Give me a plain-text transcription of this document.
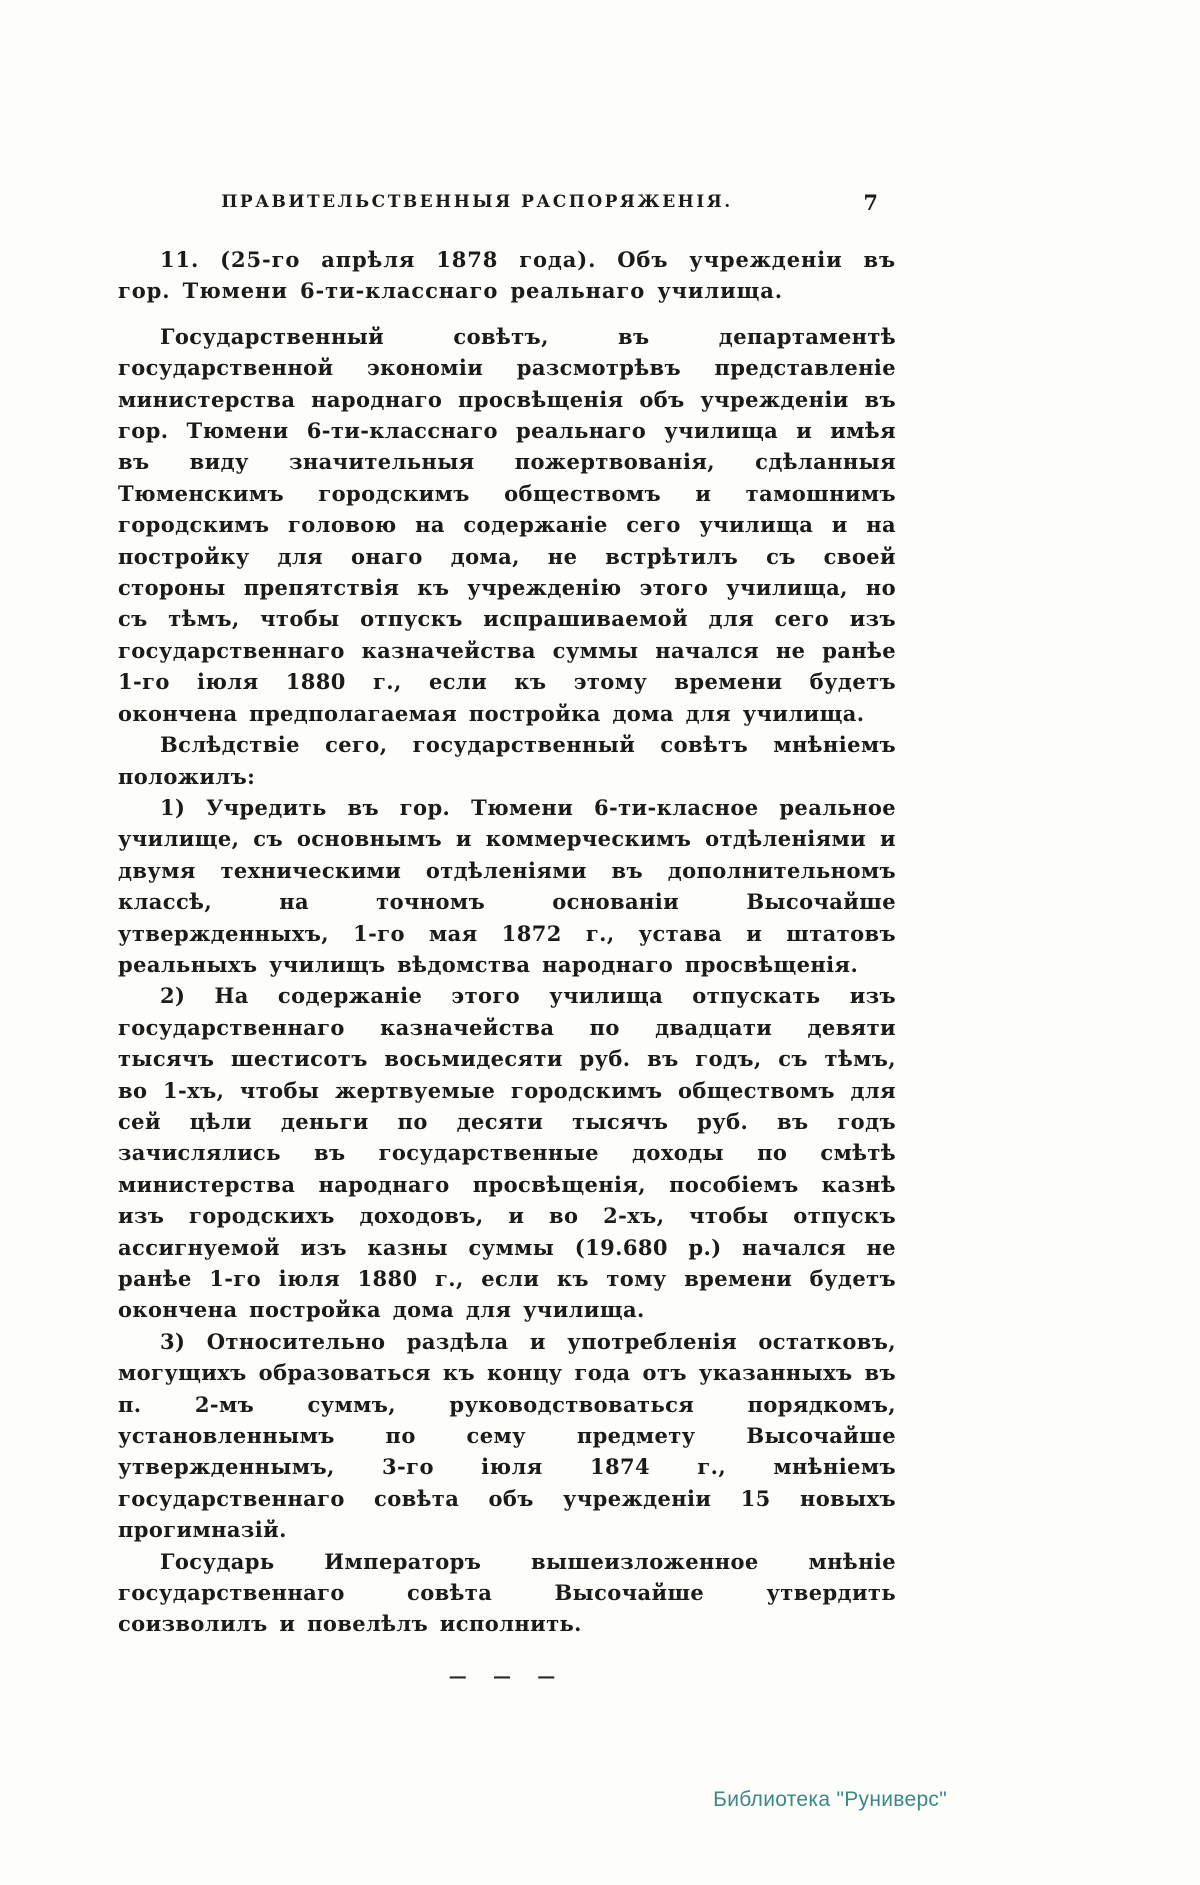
ПРАВИТЕЛЬСТВЕННЫЯ РАСПОРЯЖЕНІЯ.	7

11. (25-го апрѣля 1878 года). Объ учрежденіи въ гор. Тюмени 6-ти-класснаго реальнаго училища.

Государственный совѣтъ, въ департаментѣ государственной экономіи разсмотрѣвъ представленіе министерства народнаго просвѣщенія объ учрежденіи въ гор. Тюмени 6-ти-класснаго реальнаго училища и имѣя въ виду значительныя пожертвованія, сдѣланныя Тюменскимъ городскимъ обществомъ и тамошнимъ городскимъ головою на содержаніе сего училища и на постройку для онаго дома, не встрѣтилъ съ своей стороны препятствія къ учрежденію этого училища, но съ тѣмъ, чтобы отпускъ испрашиваемой для сего изъ государственнаго казначейства суммы начался не ранѣе 1-го іюля 1880 г., если къ этому времени будетъ окончена предполагаемая постройка дома для училища.

Вслѣдствіе сего, государственный совѣтъ мнѣніемъ положилъ:

1) Учредить въ гор. Тюмени 6-ти-класное реальное училище, съ основнымъ и коммерческимъ отдѣленіями и двумя техническими отдѣленіями въ дополнительномъ классѣ, на точномъ основаніи Высочайше утвержденныхъ, 1-го мая 1872 г., устава и штатовъ реальныхъ училищъ вѣдомства народнаго просвѣщенія.

2) На содержаніе этого училища отпускать изъ государственнаго казначейства по двадцати девяти тысячъ шестисотъ восьмидесяти руб. въ годъ, съ тѣмъ, во 1-хъ, чтобы жертвуемые городскимъ обществомъ для сей цѣли деньги по десяти тысячъ руб. въ годъ зачислялись въ государственные доходы по смѣтѣ министерства народнаго просвѣщенія, пособіемъ казнѣ изъ городскихъ доходовъ, и во 2-хъ, чтобы отпускъ ассигнуемой изъ казны суммы (19.680 р.) начался не ранѣе 1-го іюля 1880 г., если къ тому времени будетъ окончена постройка дома для училища.

3) Относительно раздѣла и употребленія остатковъ, могущихъ образоваться къ концу года отъ указанныхъ въ п. 2-мъ суммъ, руководствоваться порядкомъ, установленнымъ по сему предмету Высочайше утвержденнымъ, 3-го іюля 1874 г., мнѣніемъ государственнаго совѣта объ учрежденіи 15 новыхъ прогимназій.

Государь Императоръ вышеизложенное мнѣніе государственнаго совѣта Высочайше утвердить соизволилъ и повелѣлъ исполнить.

— — —
Библиотека "Руниверс"
